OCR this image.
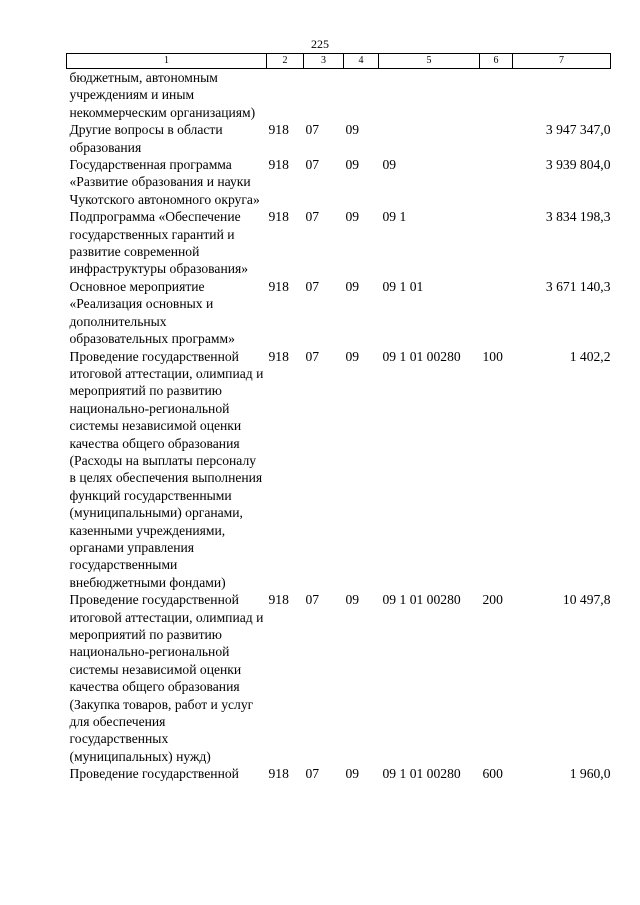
225
1	2	3	4	5	6	7
бюджетным, автономным учреждениям и иным некоммерческим организациям)						
Другие вопросы в области образования	918	07	09			3 947 347,0
Государственная программа «Развитие образования и науки Чукотского автономного округа»	918	07	09	09		3 939 804,0
Подпрограмма «Обеспечение государственных гарантий и развитие современной инфраструктуры образования»	918	07	09	09 1		3 834 198,3
Основное мероприятие «Реализация основных и дополнительных образовательных программ»	918	07	09	09 1 01		3 671 140,3
Проведение государственной итоговой аттестации, олимпиад и мероприятий по развитию национально-региональной системы независимой оценки качества общего образования (Расходы на выплаты персоналу в целях обеспечения выполнения функций государственными (муниципальными) органами, казенными учреждениями, органами управления государственными внебюджетными фондами)	918	07	09	09 1 01 00280	100	1 402,2
Проведение государственной итоговой аттестации, олимпиад и мероприятий по развитию национально-региональной системы независимой оценки качества общего образования (Закупка товаров, работ и услуг для обеспечения государственных (муниципальных) нужд)	918	07	09	09 1 01 00280	200	10 497,8
Проведение государственной	918	07	09	09 1 01 00280	600	1 960,0
